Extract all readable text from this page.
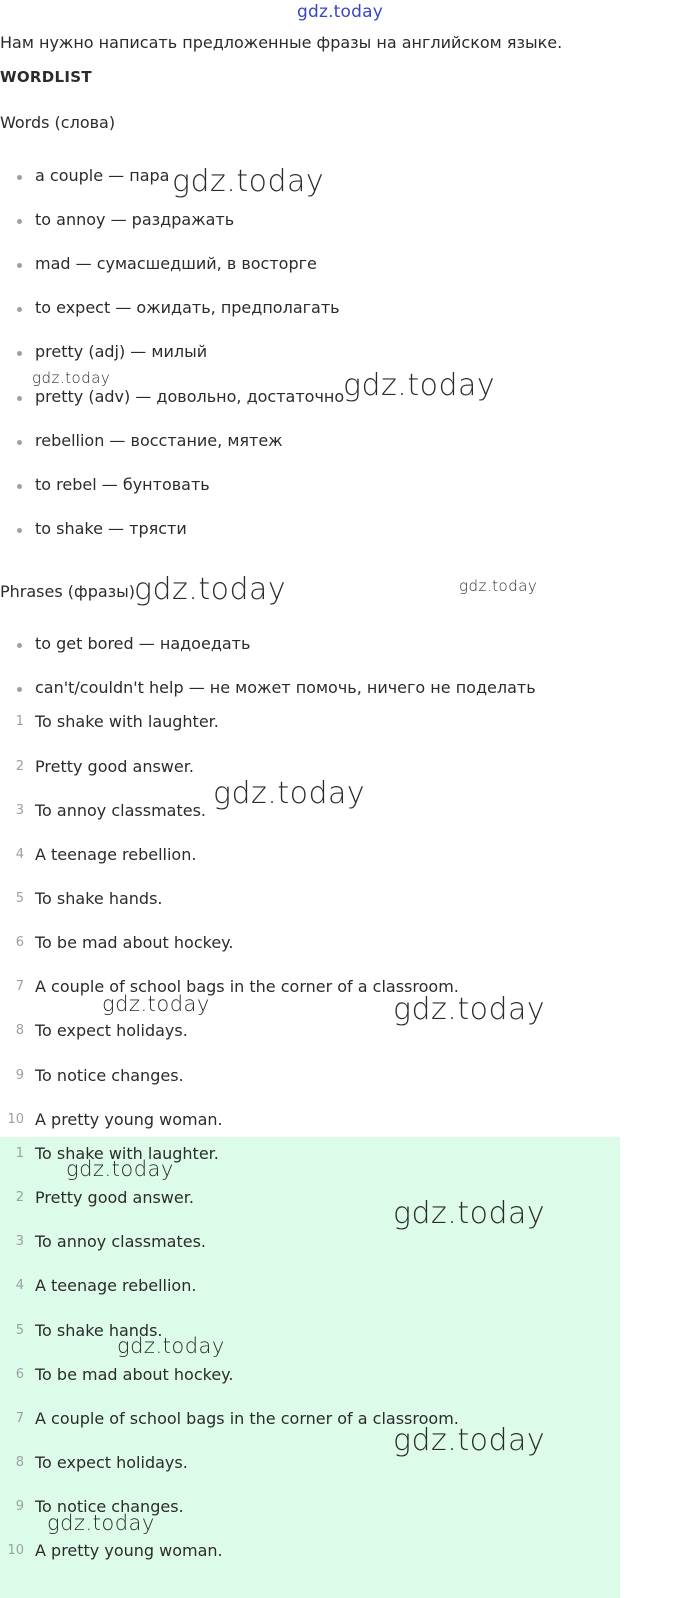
gdz.today
Нам нужно написать предложенные фразы на английском языке.
WORDLIST
Words (слова)
a couple — пара
to annoy — раздражать
mad — сумасшедший, в восторге
to expect — ожидать, предполагать
pretty (adj) — милый
pretty (adv) — довольно, достаточно
rebellion — восстание, мятеж
to rebel — бунтовать
to shake — трясти
Phrases (фразы)
to get bored — надоедать
can't/couldn't help — не может помочь, ничего не поделать
1 To shake with laughter.
2 Pretty good answer.
3 To annoy classmates.
4 A teenage rebellion.
5 To shake hands.
6 To be mad about hockey.
7 A couple of school bags in the corner of a classroom.
8 To expect holidays.
9 To notice changes.
10 A pretty young woman.
1 To shake with laughter.
2 Pretty good answer.
3 To annoy classmates.
4 A teenage rebellion.
5 To shake hands.
6 To be mad about hockey.
7 A couple of school bags in the corner of a classroom.
8 To expect holidays.
9 To notice changes.
10 A pretty young woman.
gdz.today
gdz.today	gdz.today
gdz.today	gdz.today
gdz.today
gdz.today	gdz.today
gdz.today
gdz.today
gdz.today
gdz.today
gdz.today
